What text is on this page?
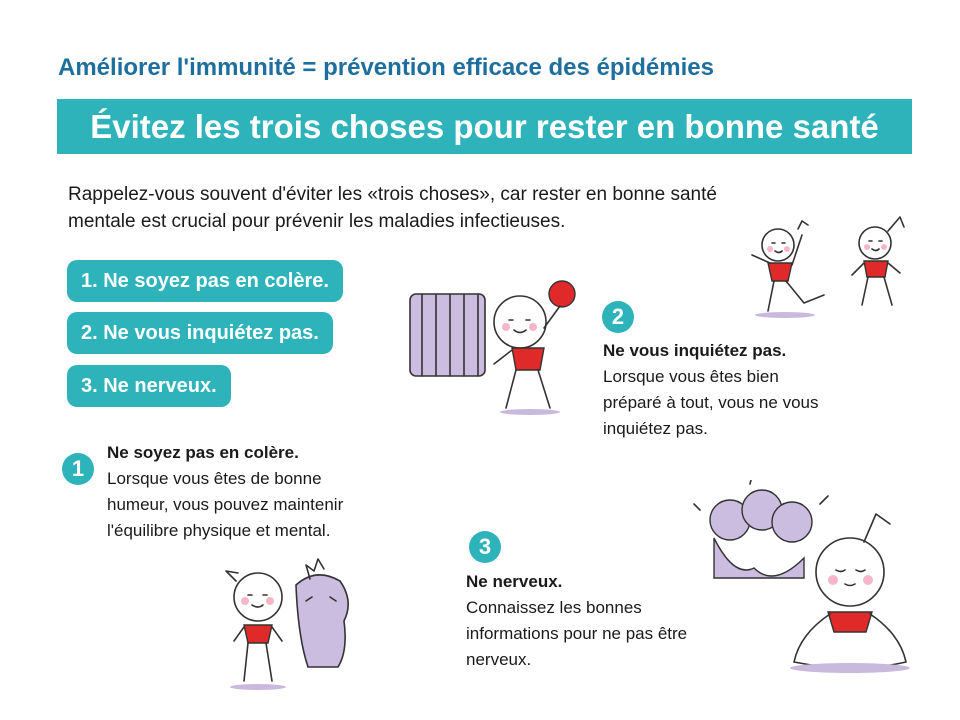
Améliorer l'immunité = prévention efficace des épidémies
Évitez les trois choses pour rester en bonne santé
Rappelez-vous souvent d'éviter les «trois choses», car rester en bonne santé
mentale est crucial pour prévenir les maladies infectieuses.
1. Ne soyez pas en colère.
2. Ne vous inquiétez pas.
3. Ne nerveux.
1
Ne soyez pas en colère.
Lorsque vous êtes de bonne
humeur, vous pouvez maintenir
l'équilibre physique et mental.
2
Ne vous inquiétez pas.
Lorsque vous êtes bien
préparé à tout, vous ne vous
inquiétez pas.
3
Ne nerveux.
Connaissez les bonnes
informations pour ne pas être
nerveux.
